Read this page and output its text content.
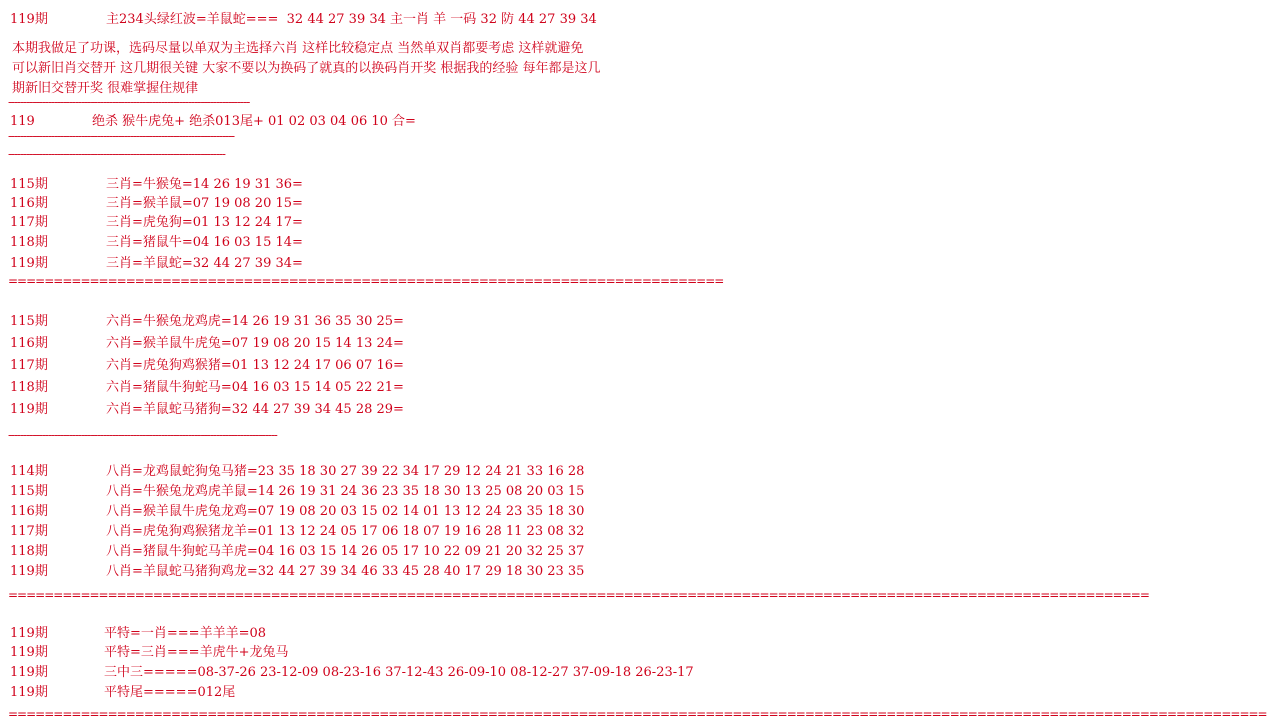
119期	主234头绿红波=羊鼠蛇===  32 44 27 39 34 主一肖 羊 一码 32 防 44 27 39 34
本期我做足了功课，选码尽量以单双为主选择六肖 这样比较稳定点 当然单双肖都要考虑 这样就避免
可以新旧肖交替开 这几期很关键 大家不要以为换码了就真的以换码肖开奖 根据我的经验 每年都是这几
期新旧交替开奖 很难掌握住规律
-------------------------------------------------------------------------------
119	绝杀 猴牛虎兔+ 绝杀013尾+ 01 02 03 04 06 10 合=
--------------------------------------------------------------------------
-----------------------------------------------------------------------
115期	三肖=牛猴兔=14 26 19 31 36=
116期	三肖=猴羊鼠=07 19 08 20 15=
117期	三肖=虎兔狗=01 13 12 24 17=
118期	三肖=猪鼠牛=04 16 03 15 14=
119期	三肖=羊鼠蛇=32 44 27 39 34=
===============================================================================
115期	六肖=牛猴兔龙鸡虎=14 26 19 31 36 35 30 25=
116期	六肖=猴羊鼠牛虎兔=07 19 08 20 15 14 13 24=
117期	六肖=虎兔狗鸡猴猪=01 13 12 24 17 06 07 16=
118期	六肖=猪鼠牛狗蛇马=04 16 03 15 14 05 22 21=
119期	六肖=羊鼠蛇马猪狗=32 44 27 39 34 45 28 29=
----------------------------------------------------------------------------------------
114期	八肖=龙鸡鼠蛇狗兔马猪=23 35 18 30 27 39 22 34 17 29 12 24 21 33 16 28
115期	八肖=牛猴兔龙鸡虎羊鼠=14 26 19 31 24 36 23 35 18 30 13 25 08 20 03 15
116期	八肖=猴羊鼠牛虎兔龙鸡=07 19 08 20 03 15 02 14 01 13 12 24 23 35 18 30
117期	八肖=虎兔狗鸡猴猪龙羊=01 13 12 24 05 17 06 18 07 19 16 28 11 23 08 32
118期	八肖=猪鼠牛狗蛇马羊虎=04 16 03 15 14 26 05 17 10 22 09 21 20 32 25 37
119期	八肖=羊鼠蛇马猪狗鸡龙=32 44 27 39 34 46 33 45 28 40 17 29 18 30 23 35
==============================================================================================================================
119期	平特=一肖===羊羊羊=08
119期	平特=三肖===羊虎牛+龙兔马
119期	三中三=====08-37-26 23-12-09 08-23-16 37-12-43 26-09-10 08-12-27 37-09-18 26-23-17
119期	平特尾=====012尾
===========================================================================================================================================
